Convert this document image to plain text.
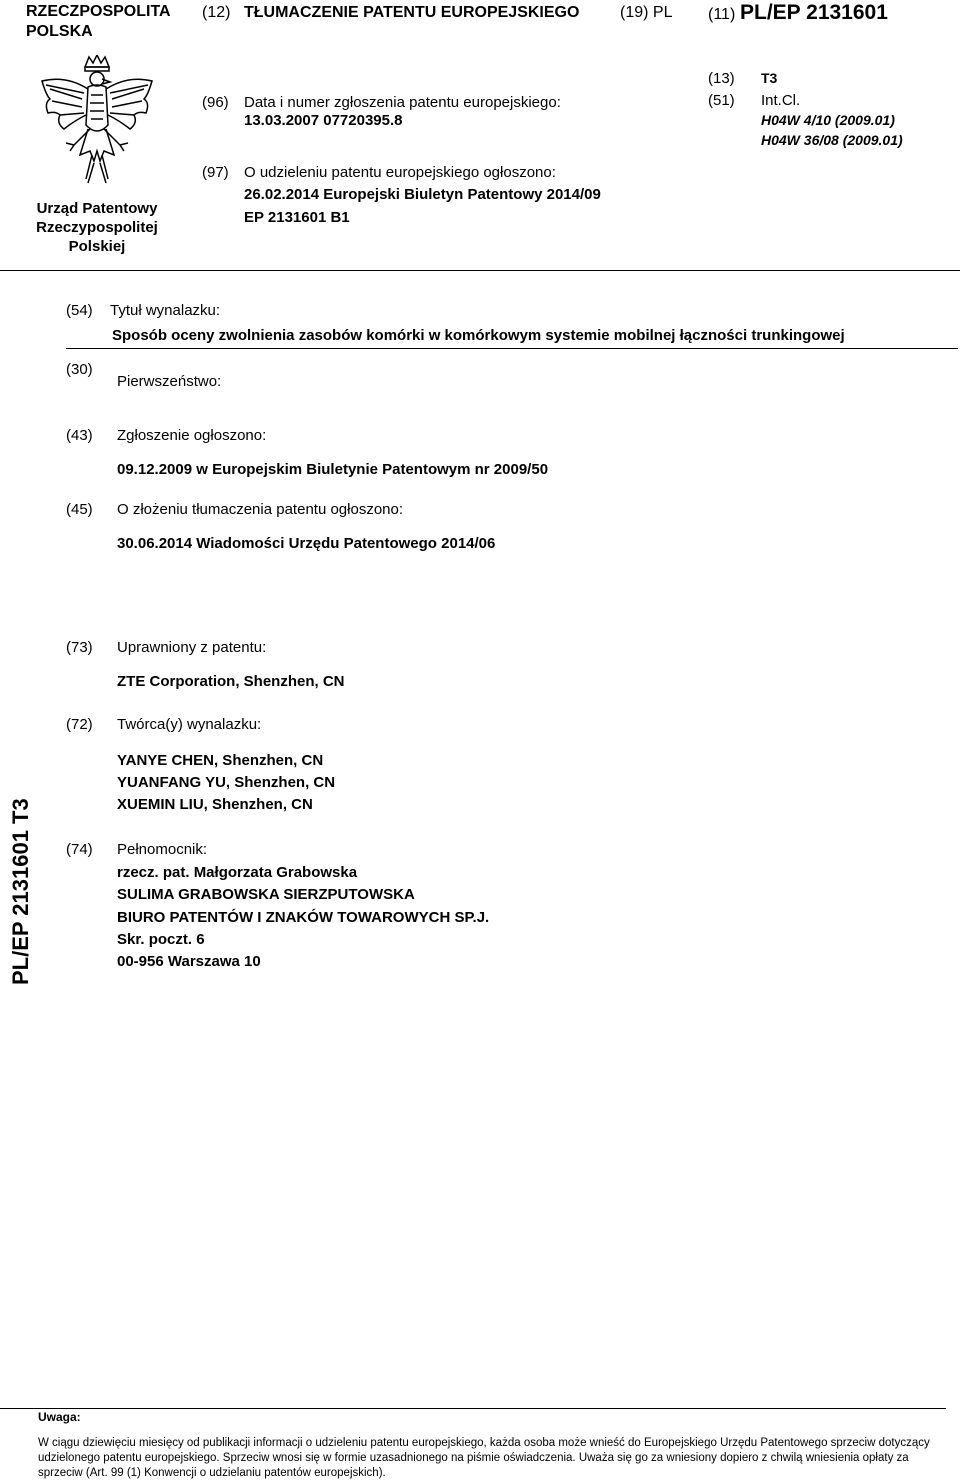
RZECZPOSPOLITA
POLSKA
(12) TŁUMACZENIE PATENTU EUROPEJSKIEGO	(19) PL (11) PL/EP 2131601
Urząd Patentowy
Rzeczypospolitej
Polskiej
(96) Data i numer zgłoszenia patentu europejskiego:
13.03.2007 07720395.8
(97) O udzieleniu patentu europejskiego ogłoszono:
26.02.2014 Europejski Biuletyn Patentowy 2014/09
EP 2131601 B1
(13) T3
(51) Int.Cl.
H04W 4/10 (2009.01)
H04W 36/08 (2009.01)
(54) Tytuł wynalazku:
Sposób oceny zwolnienia zasobów komórki w komórkowym systemie mobilnej łączności trunkingowej
(30)
Pierwszeństwo:
(43) Zgłoszenie ogłoszono:
09.12.2009 w Europejskim Biuletynie Patentowym nr 2009/50
(45) O złożeniu tłumaczenia patentu ogłoszono:
30.06.2014 Wiadomości Urzędu Patentowego 2014/06
(73) Uprawniony z patentu:
ZTE Corporation, Shenzhen, CN
(72) Twórca(y) wynalazku:
YANYE CHEN, Shenzhen, CN
YUANFANG YU, Shenzhen, CN
XUEMIN LIU, Shenzhen, CN
(74) Pełnomocnik:
rzecz. pat. Małgorzata Grabowska
SULIMA GRABOWSKA SIERZPUTOWSKA
BIURO PATENTÓW I ZNAKÓW TOWAROWYCH SP.J.
Skr. poczt. 6
00-956 Warszawa 10
PL/EP 2131601 T3
Uwaga:
W ciągu dziewięciu miesięcy od publikacji informacji o udzieleniu patentu europejskiego, każda osoba może wnieść do Europejskiego Urzędu Patentowego sprzeciw dotyczący udzielonego patentu europejskiego. Sprzeciw wnosi się w formie uzasadnionego na piśmie oświadczenia. Uważa się go za wniesiony dopiero z chwilą wniesienia opłaty za sprzeciw (Art. 99 (1) Konwencji o udzielaniu patentów europejskich).
